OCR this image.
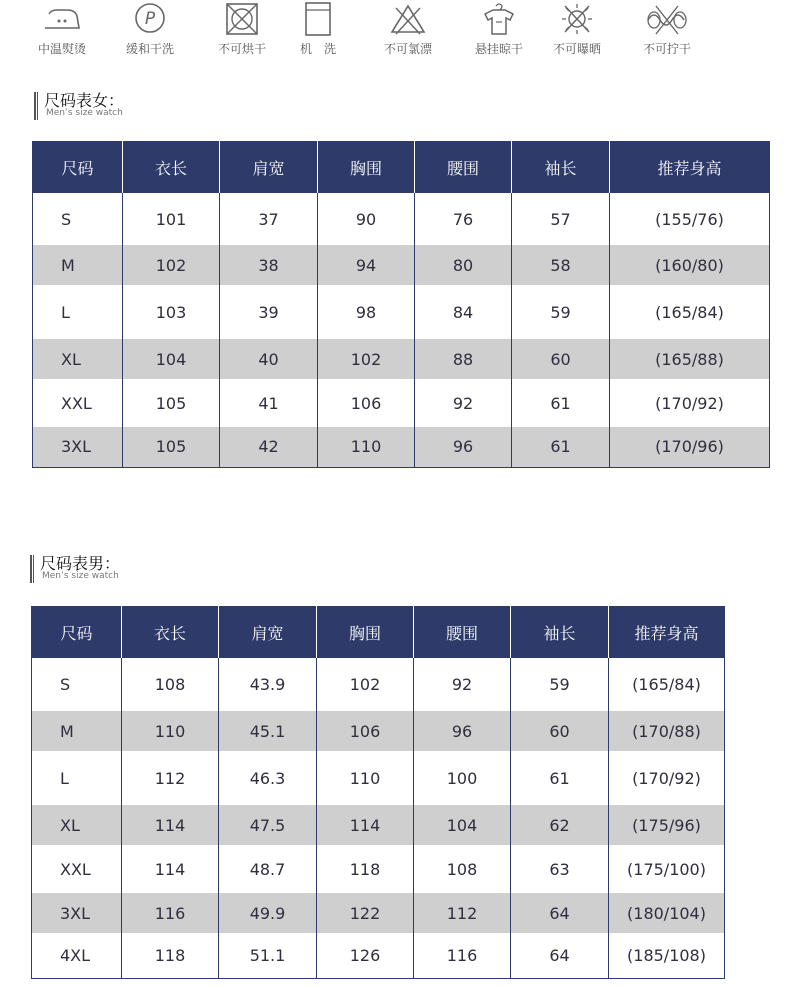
中温熨烫
P
缓和干洗	不可烘干	机　洗	不可氯漂	悬挂晾干	不可曝晒	不可拧干
尺码表女：
Men’s size watch
尺码	衣长	肩宽	胸围	腰围	袖长	推荐身高
S	101	37	90	76	57	(155/76)
M	102	38	94	80	58	(160/80)
L	103	39	98	84	59	(165/84)
XL	104	40	102	88	60	(165/88)
XXL	105	41	106	92	61	(170/92)
3XL	105	42	110	96	61	(170/96)
尺码表男：
Men’s size watch
尺码	衣长	肩宽	胸围	腰围	袖长	推荐身高
S	108	43.9	102	92	59	(165/84)
M	110	45.1	106	96	60	(170/88)
L	112	46.3	110	100	61	(170/92)
XL	114	47.5	114	104	62	(175/96)
XXL	114	48.7	118	108	63	(175/100)
3XL	116	49.9	122	112	64	(180/104)
4XL	118	51.1	126	116	64	(185/108)
